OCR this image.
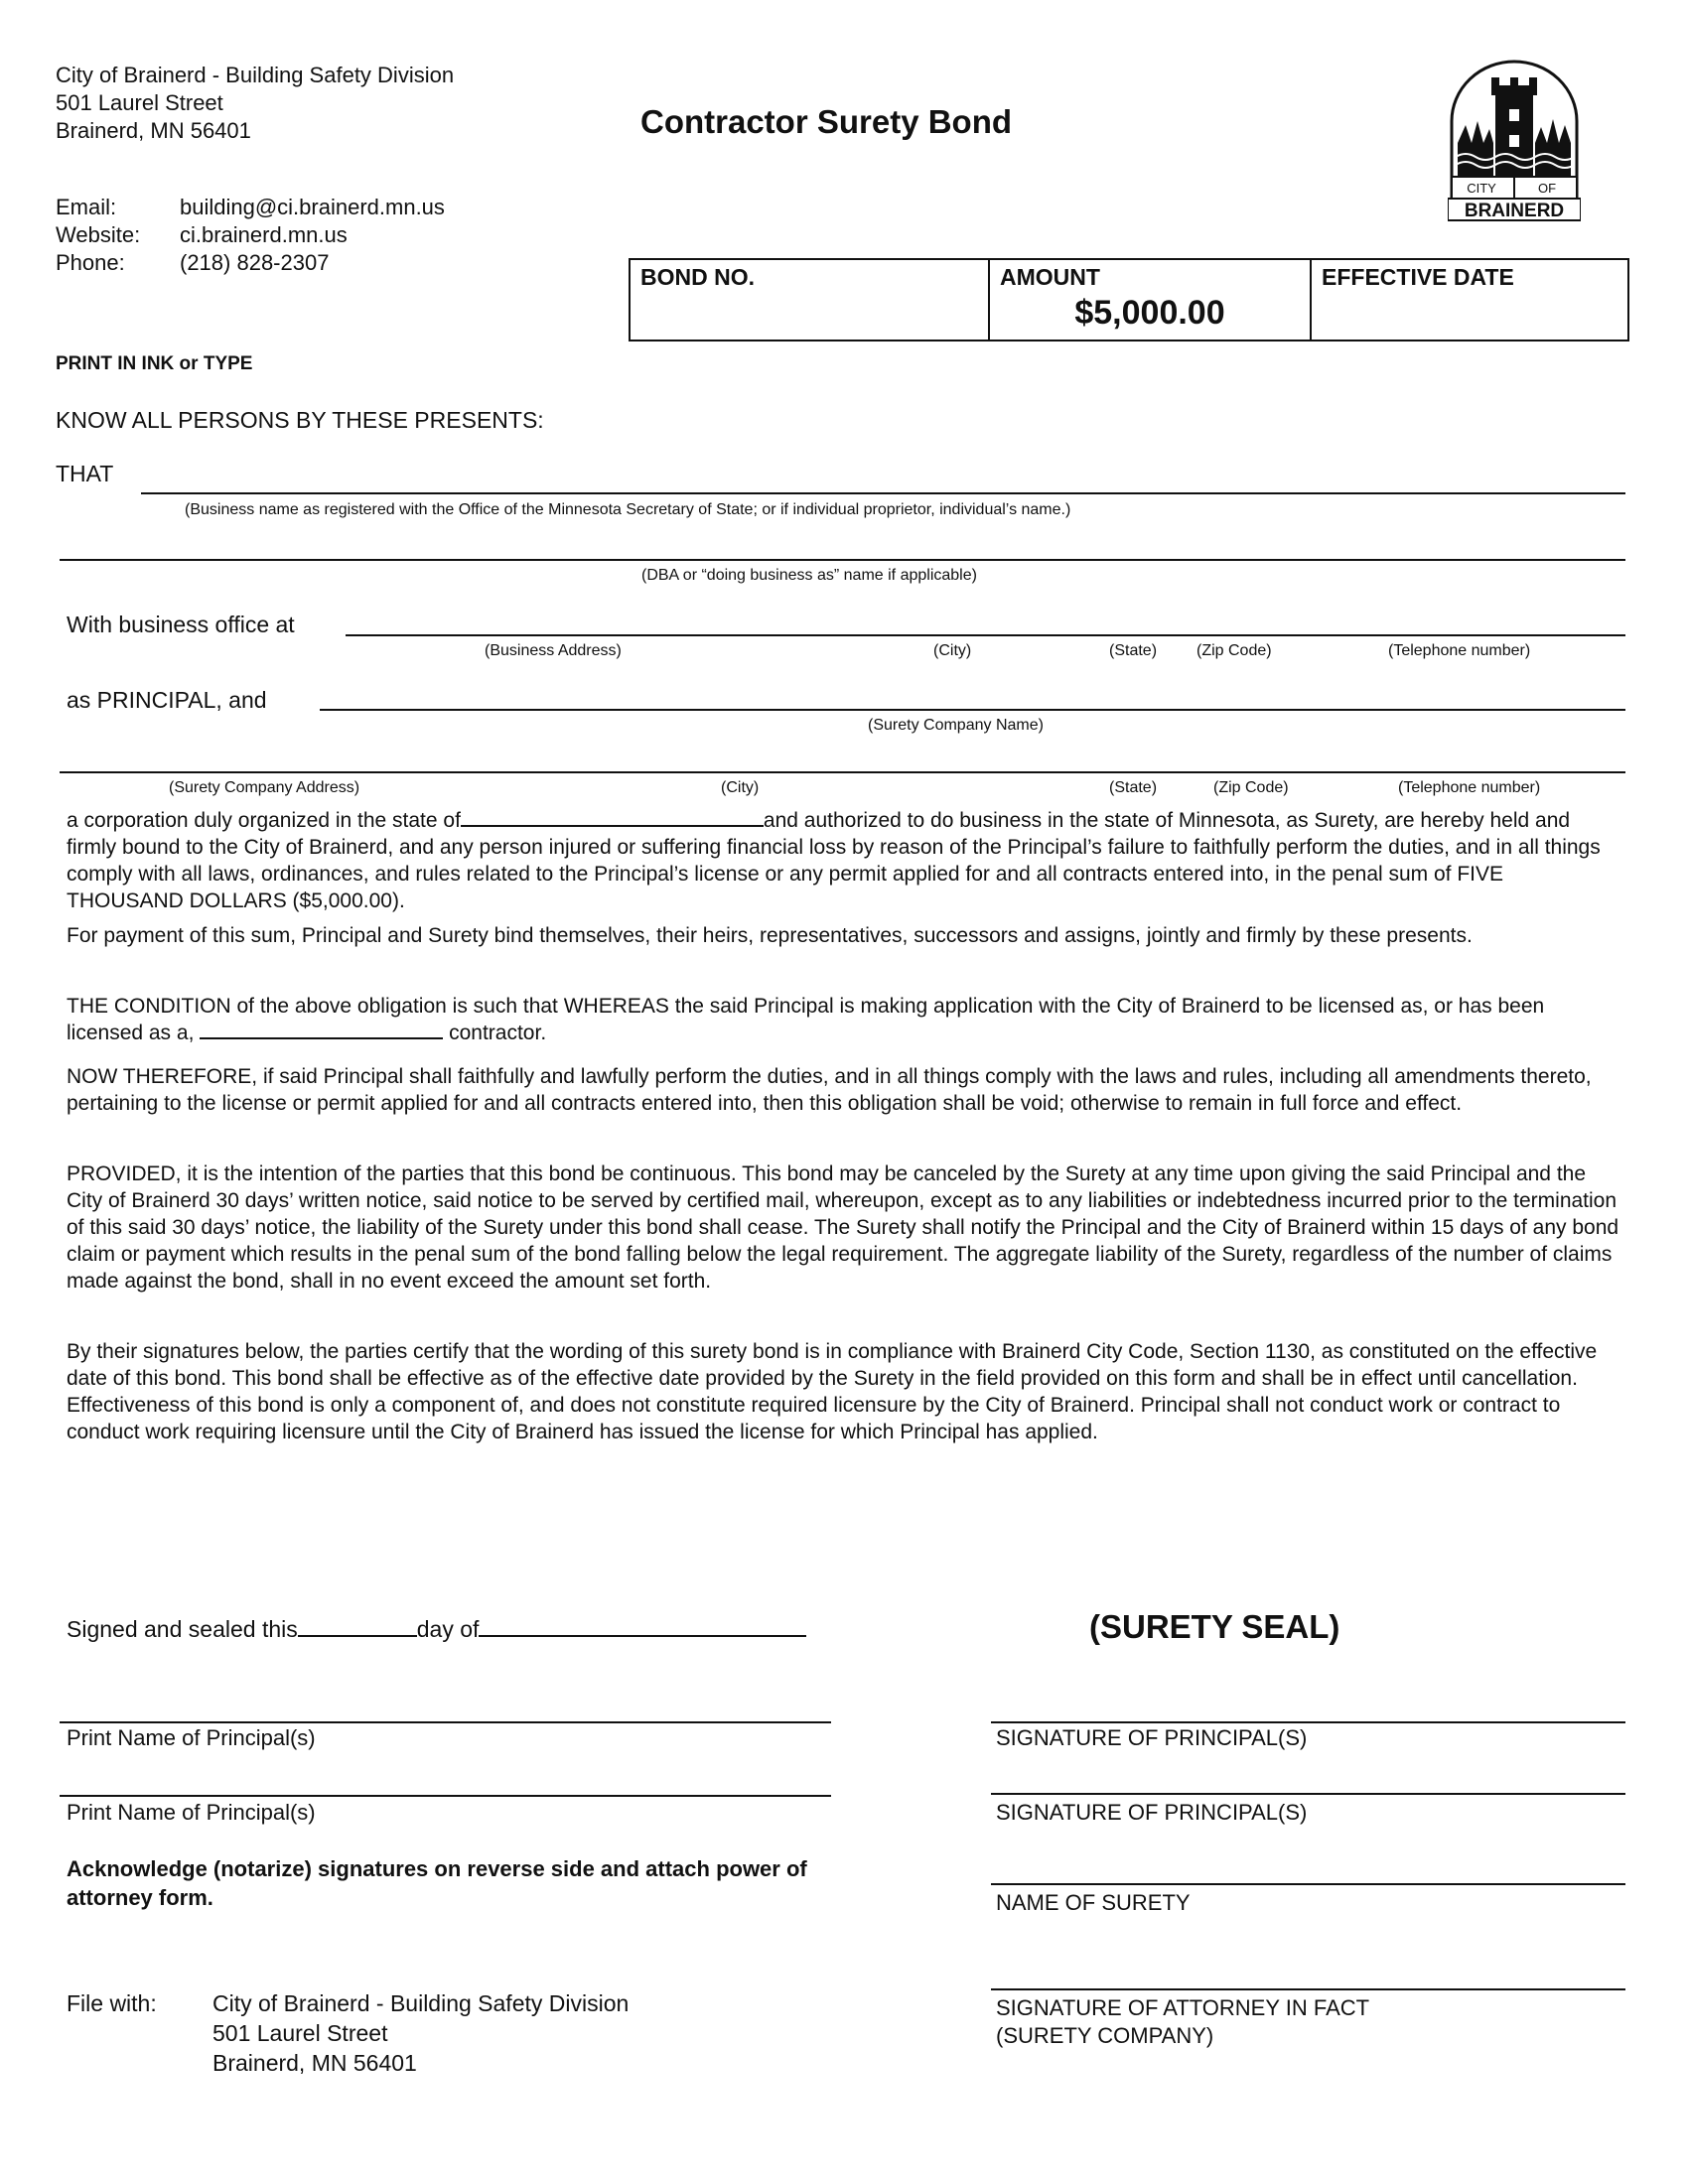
City of Brainerd - Building Safety Division
501 Laurel Street
Brainerd, MN 56401
Email:	building@ci.brainerd.mn.us
Website:	ci.brainerd.mn.us
Phone:	(218) 828-2307
Contractor Surety Bond
CITY	OF
BRAINERD
BOND NO.	AMOUNT
$5,000.00
EFFECTIVE DATE
PRINT IN INK or TYPE
KNOW ALL PERSONS BY THESE PRESENTS:
THAT
(Business name as registered with the Office of the Minnesota Secretary of State; or if individual proprietor, individual’s name.)
(DBA or “doing business as” name if applicable)
With business office at
(Business Address)	(City)	(State) (Zip Code)	(Telephone number)
as PRINCIPAL, and
(Surety Company Name)
(Surety Company Address)	(City)	(State)	(Zip Code)	(Telephone number)

a corporation duly organized in the state of	and authorized to do business in the state of Minnesota, as Surety, are hereby held and firmly bound to the City of Brainerd, and any person injured or suffering financial loss by reason of the Principal’s failure to faithfully perform the duties, and in all things comply with all laws, ordinances, and rules related to the Principal’s license or any permit applied for and all contracts entered into, in the penal sum of FIVE THOUSAND DOLLARS ($5,000.00).

For payment of this sum, Principal and Surety bind themselves, their heirs, representatives, successors and assigns, jointly and firmly by these presents.

THE CONDITION of the above obligation is such that WHEREAS the said Principal is making application with the City of Brainerd to be licensed as, or has been licensed as a,	contractor.

NOW THEREFORE, if said Principal shall faithfully and lawfully perform the duties, and in all things comply with the laws and rules, including all amendments thereto, pertaining to the license or permit applied for and all contracts entered into, then this obligation shall be void; otherwise to remain in full force and effect.

PROVIDED, it is the intention of the parties that this bond be continuous. This bond may be canceled by the Surety at any time upon giving the said Principal and the City of Brainerd 30 days’ written notice, said notice to be served by certified mail, whereupon, except as to any liabilities or indebtedness incurred prior to the termination of this said 30 days’ notice, the liability of the Surety under this bond shall cease. The Surety shall notify the Principal and the City of Brainerd within 15 days of any bond claim or payment which results in the penal sum of the bond falling below the legal requirement. The aggregate liability of the Surety, regardless of the number of claims made against the bond, shall in no event exceed the amount set forth.

By their signatures below, the parties certify that the wording of this surety bond is in compliance with Brainerd City Code, Section 1130, as constituted on the effective date of this bond. This bond shall be effective as of the effective date provided by the Surety in the field provided on this form and shall be in effect until cancellation. Effectiveness of this bond is only a component of, and does not constitute required licensure by the City of Brainerd. Principal shall not conduct work or contract to conduct work requiring licensure until the City of Brainerd has issued the license for which Principal has applied.

Signed and sealed this	day of	(SURETY SEAL)
Print Name of Principal(s)	SIGNATURE OF PRINCIPAL(S)
Print Name of Principal(s)	SIGNATURE OF PRINCIPAL(S)
Acknowledge (notarize) signatures on reverse side and attach power of attorney form.	NAME OF SURETY
SIGNATURE OF ATTORNEY IN FACT
(SURETY COMPANY)
File with: City of Brainerd - Building Safety Division
501 Laurel Street
Brainerd, MN 56401
